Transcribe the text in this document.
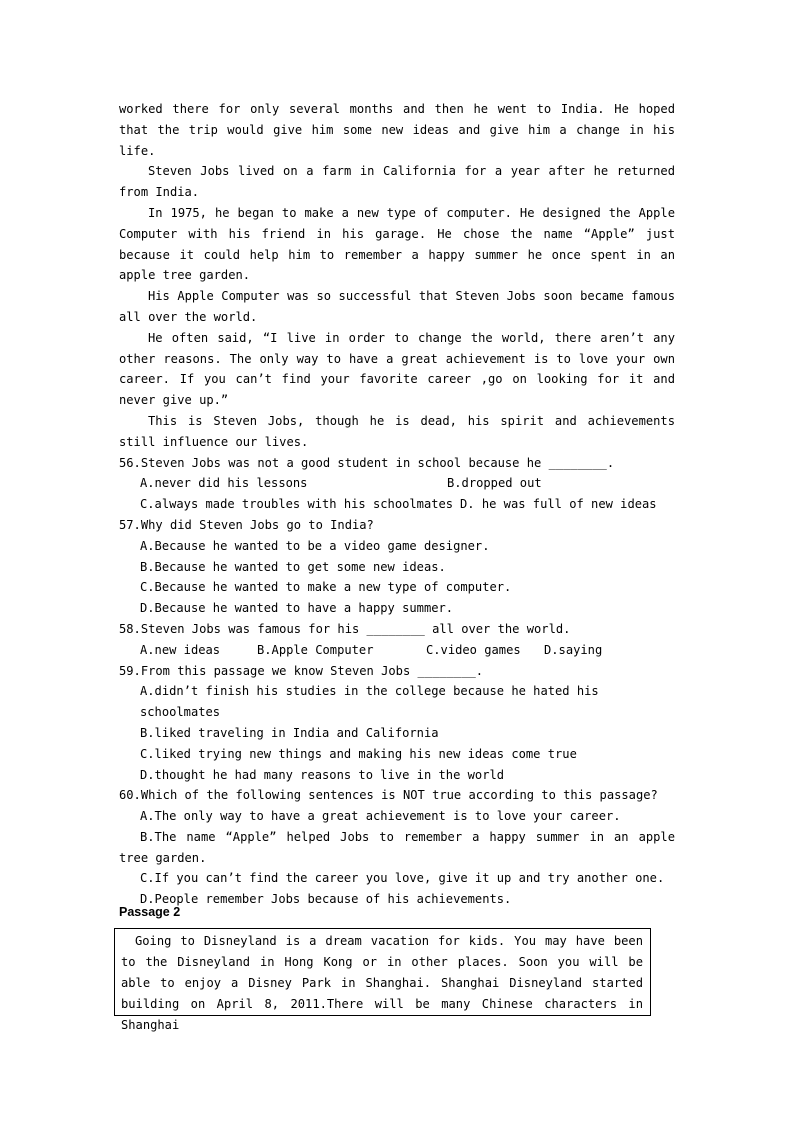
worked there for only several months and then he went to India. He hoped that the trip would give him some new ideas and give him a change in his life.

Steven Jobs lived on a farm in California for a year after he returned from India.

In 1975, he began to make a new type of computer. He designed the Apple Computer with his friend in his garage. He chose the name “Apple” just because it could help him to remember a happy summer he once spent in an apple tree garden.

His Apple Computer was so successful that Steven Jobs soon became famous all over the world.

He often said, “I live in order to change the world, there aren’t any other reasons. The only way to have a great achievement is to love your own career. If you can’t find your favorite career ,go on looking for it and never give up.”

This is Steven Jobs, though he is dead, his spirit and achievements still influence our lives.

56.Steven Jobs was not a good student in school because he ________.

A.never did his lessons	B.dropped out
C.always made troubles with his schoolmates D. he was full of new ideas

57.Why did Steven Jobs go to India?

A.Because he wanted to be a video game designer.

B.Because he wanted to get some new ideas.

C.Because he wanted to make a new type of computer.

D.Because he wanted to have a happy summer.

58.Steven Jobs was famous for his ________ all over the world.

A.new ideas	B.Apple Computer	C.video games	D.saying

59.From this passage we know Steven Jobs ________.

A.didn’t finish his studies in the college because he hated his schoolmates

B.liked traveling in India and California

C.liked trying new things and making his new ideas come true

D.thought he had many reasons to live in the world

60.Which of the following sentences is NOT true according to this passage?

A.The only way to have a great achievement is to love your career.

B.The name “Apple” helped Jobs to remember a happy summer in an apple tree garden.

C.If you can’t find the career you love, give it up and try another one.

D.People remember Jobs because of his achievements.

Passage 2

Going to Disneyland is a dream vacation for kids. You may have been to the Disneyland in Hong Kong or in other places. Soon you will be able to enjoy a Disney Park in Shanghai. Shanghai Disneyland started building on April 8, 2011.There will be many Chinese characters in Shanghai
